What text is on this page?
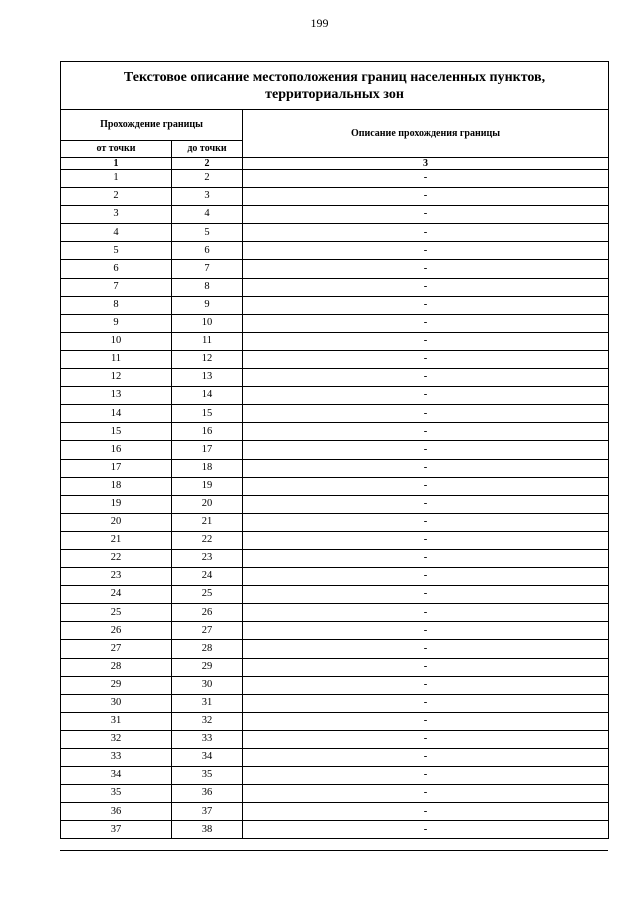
199
Текстовое описание местоположения границ населенных пунктов,
территориальных зон		
Прохождение границы		Описание прохождения границы
от точки	до точки	
1	2	3
1	2	-
2	3	-
3	4	-
4	5	-
5	6	-
6	7	-
7	8	-
8	9	-
9	10	-
10	11	-
11	12	-
12	13	-
13	14	-
14	15	-
15	16	-
16	17	-
17	18	-
18	19	-
19	20	-
20	21	-
21	22	-
22	23	-
23	24	-
24	25	-
25	26	-
26	27	-
27	28	-
28	29	-
29	30	-
30	31	-
31	32	-
32	33	-
33	34	-
34	35	-
35	36	-
36	37	-
37	38	-
